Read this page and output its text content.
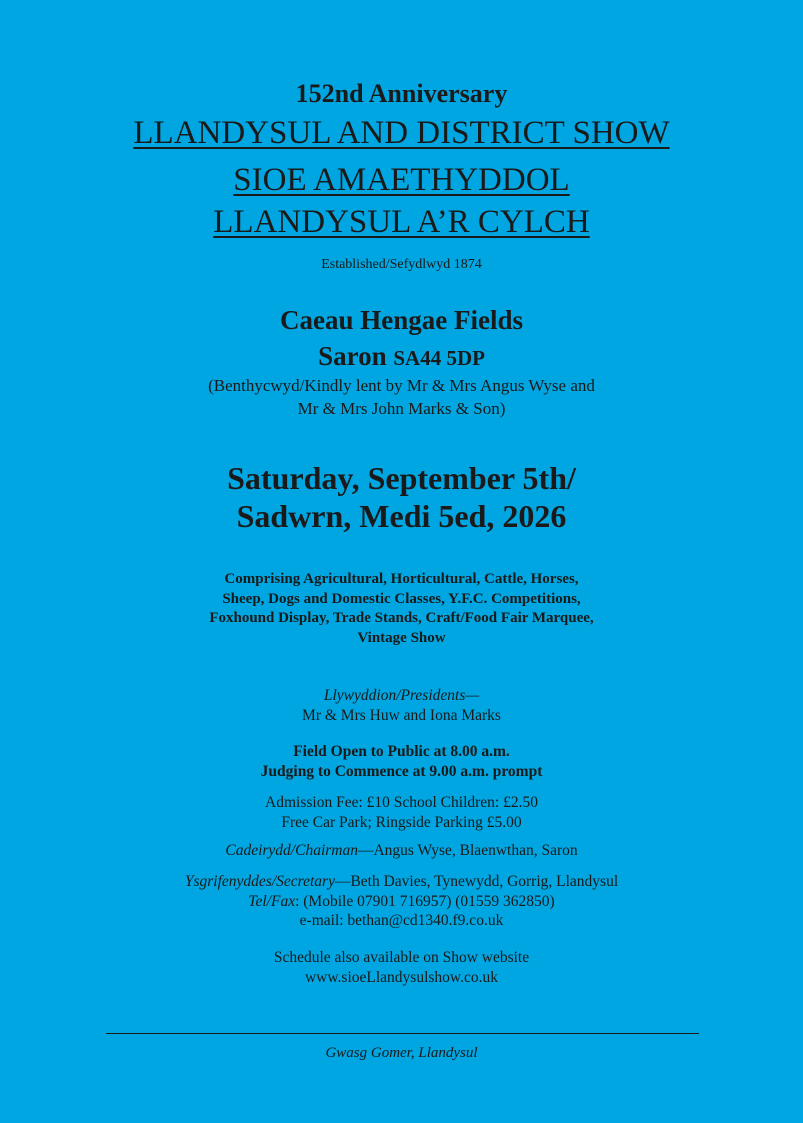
152nd Anniversary
LLANDYSUL AND DISTRICT SHOW
SIOE AMAETHYDDOL
LLANDYSUL A’R CYLCH
Established/Sefydlwyd 1874
Caeau Hengae Fields
Saron SA44 5DP
(Benthycwyd/Kindly lent by Mr & Mrs Angus Wyse and
Mr & Mrs John Marks & Son)
Saturday, September 5th/
Sadwrn, Medi 5ed, 2026
Comprising Agricultural, Horticultural, Cattle, Horses,
Sheep, Dogs and Domestic Classes, Y.F.C. Competitions,
Foxhound Display, Trade Stands, Craft/Food Fair Marquee,
Vintage Show
Llywyddion/Presidents—
Mr & Mrs Huw and Iona Marks
Field Open to Public at 8.00 a.m.
Judging to Commence at 9.00 a.m. prompt
Admission Fee: £10 School Children: £2.50
Free Car Park; Ringside Parking £5.00
Cadeirydd/Chairman—Angus Wyse, Blaenwthan, Saron
Ysgrifenyddes/Secretary—Beth Davies, Tynewydd, Gorrig, Llandysul
Tel/Fax: (Mobile 07901 716957) (01559 362850)
e-mail: bethan@cd1340.f9.co.uk
Schedule also available on Show website
www.sioeLlandysulshow.co.uk
Gwasg Gomer, Llandysul
